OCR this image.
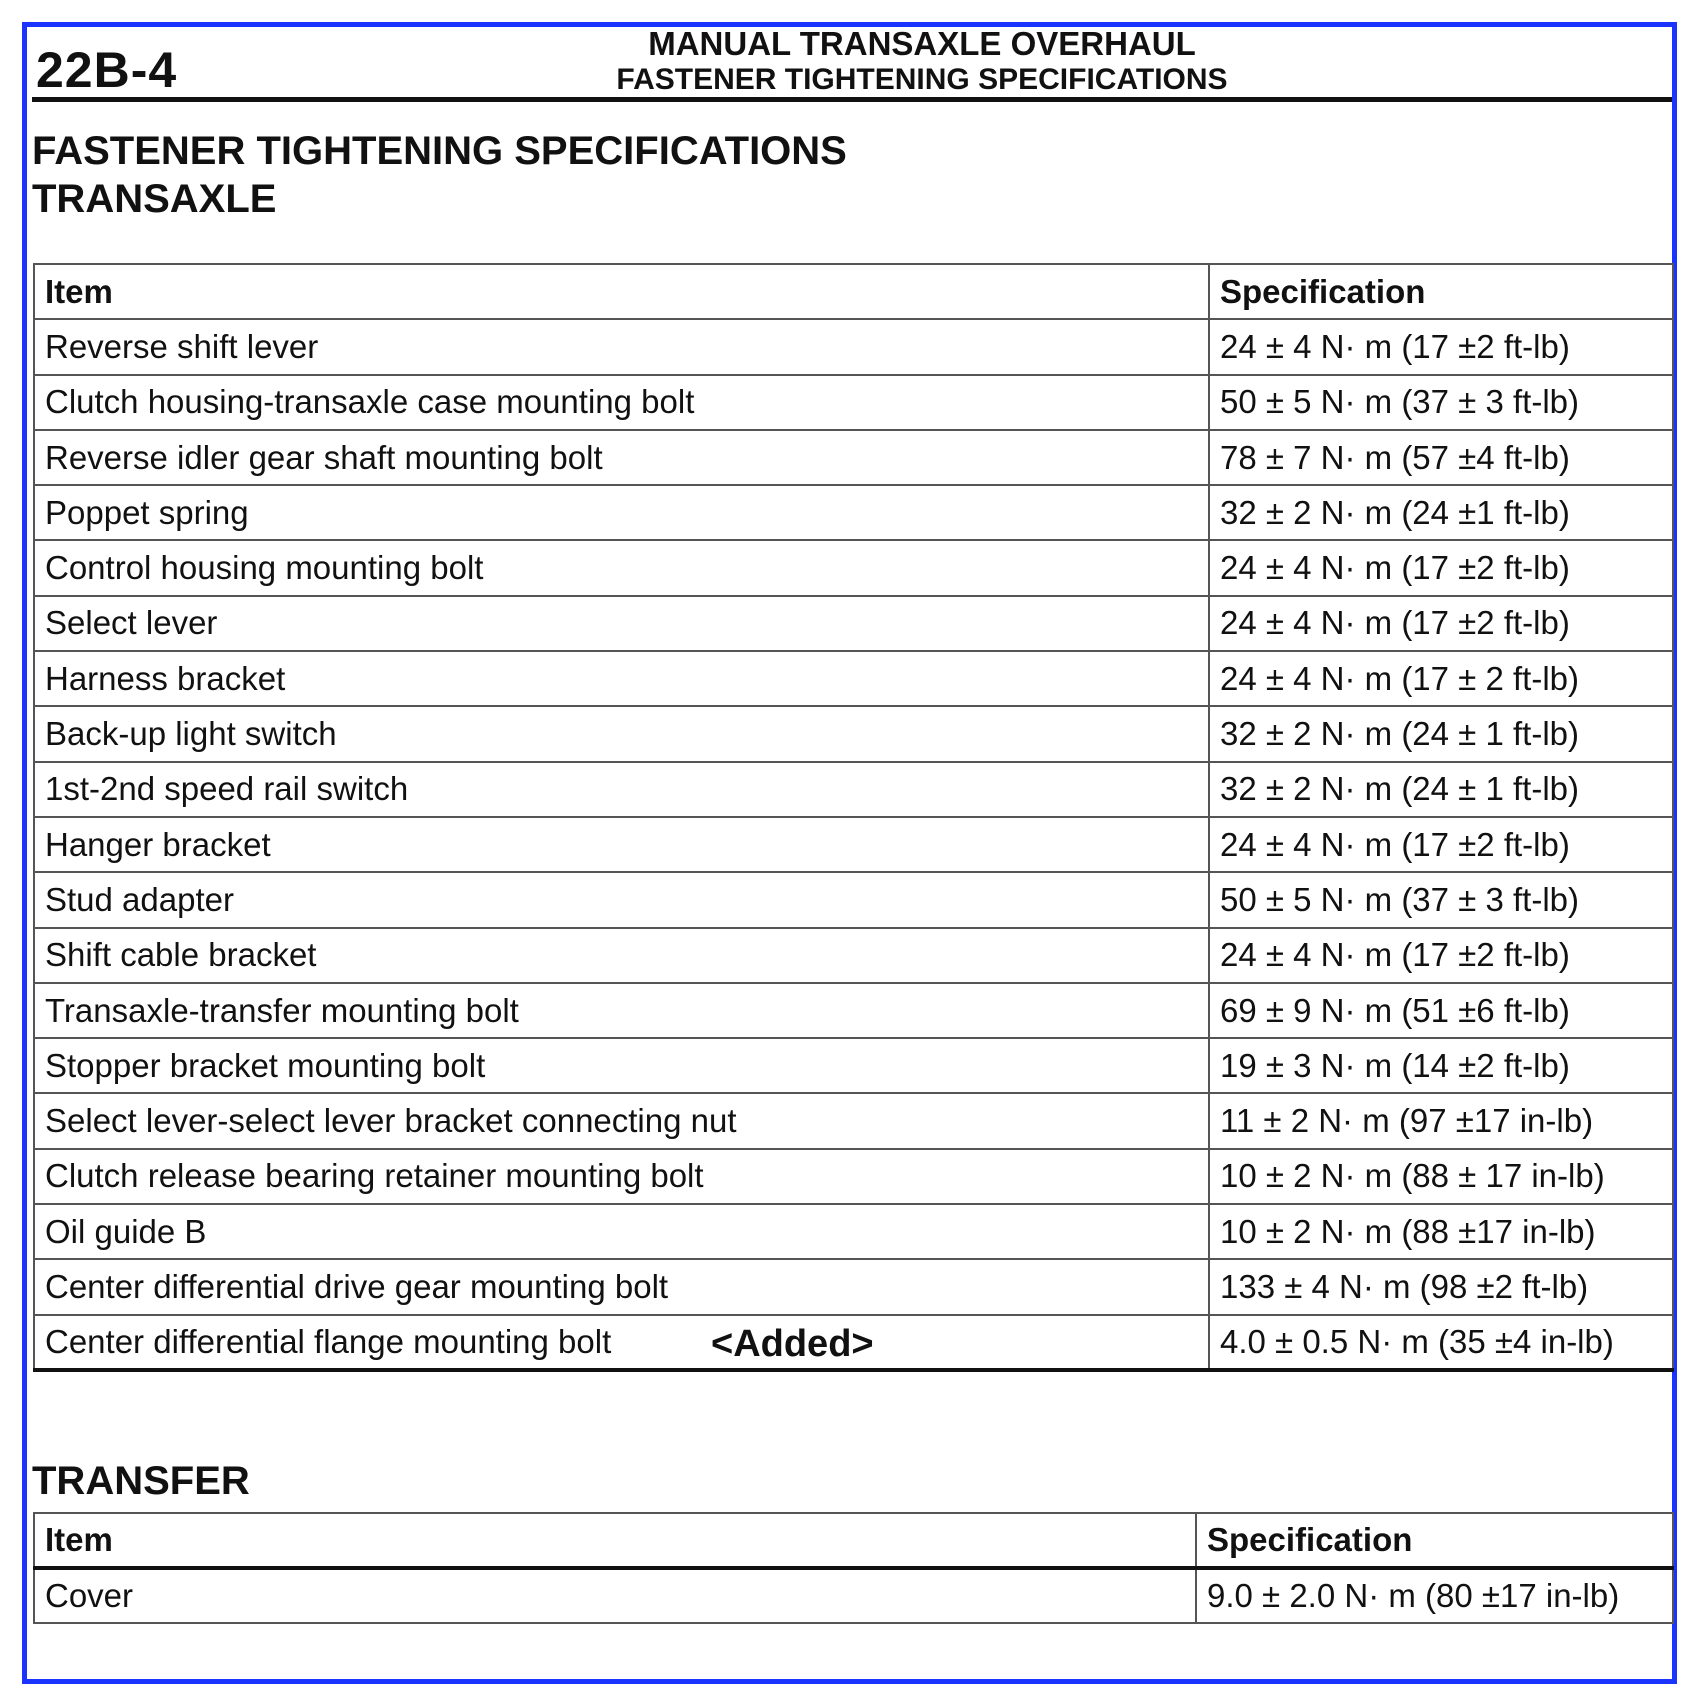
22B-4	MANUAL TRANSAXLE OVERHAUL
FASTENER TIGHTENING SPECIFICATIONS
FASTENER TIGHTENING SPECIFICATIONS
TRANSAXLE
Item	Specification
Reverse shift lever	24 ± 4 N· m (17 ±2 ft-lb)
Clutch housing-transaxle case mounting bolt	50 ± 5 N· m (37 ± 3 ft-lb)
Reverse idler gear shaft mounting bolt	78 ± 7 N· m (57 ±4 ft-lb)
Poppet spring	32 ± 2 N· m (24 ±1 ft-lb)
Control housing mounting bolt	24 ± 4 N· m (17 ±2 ft-lb)
Select lever	24 ± 4 N· m (17 ±2 ft-lb)
Harness bracket	24 ± 4 N· m (17 ± 2 ft-lb)
Back-up light switch	32 ± 2 N· m (24 ± 1 ft-lb)
1st-2nd speed rail switch	32 ± 2 N· m (24 ± 1 ft-lb)
Hanger bracket	24 ± 4 N· m (17 ±2 ft-lb)
Stud adapter	50 ± 5 N· m (37 ± 3 ft-lb)
Shift cable bracket	24 ± 4 N· m (17 ±2 ft-lb)
Transaxle-transfer mounting bolt	69 ± 9 N· m (51 ±6 ft-lb)
Stopper bracket mounting bolt	19 ± 3 N· m (14 ±2 ft-lb)
Select lever-select lever bracket connecting nut	11 ± 2 N· m (97 ±17 in-lb)
Clutch release bearing retainer mounting bolt	10 ± 2 N· m (88 ± 17 in-lb)
Oil guide B	10 ± 2 N· m (88 ±17 in-lb)
Center differential drive gear mounting bolt	133 ± 4 N· m (98 ±2 ft-lb)
Center differential flange mounting bolt <Added>	4.0 ± 0.5 N· m (35 ±4 in-lb)
TRANSFER
Item	Specification
Cover	9.0 ± 2.0 N· m (80 ±17 in-lb)
